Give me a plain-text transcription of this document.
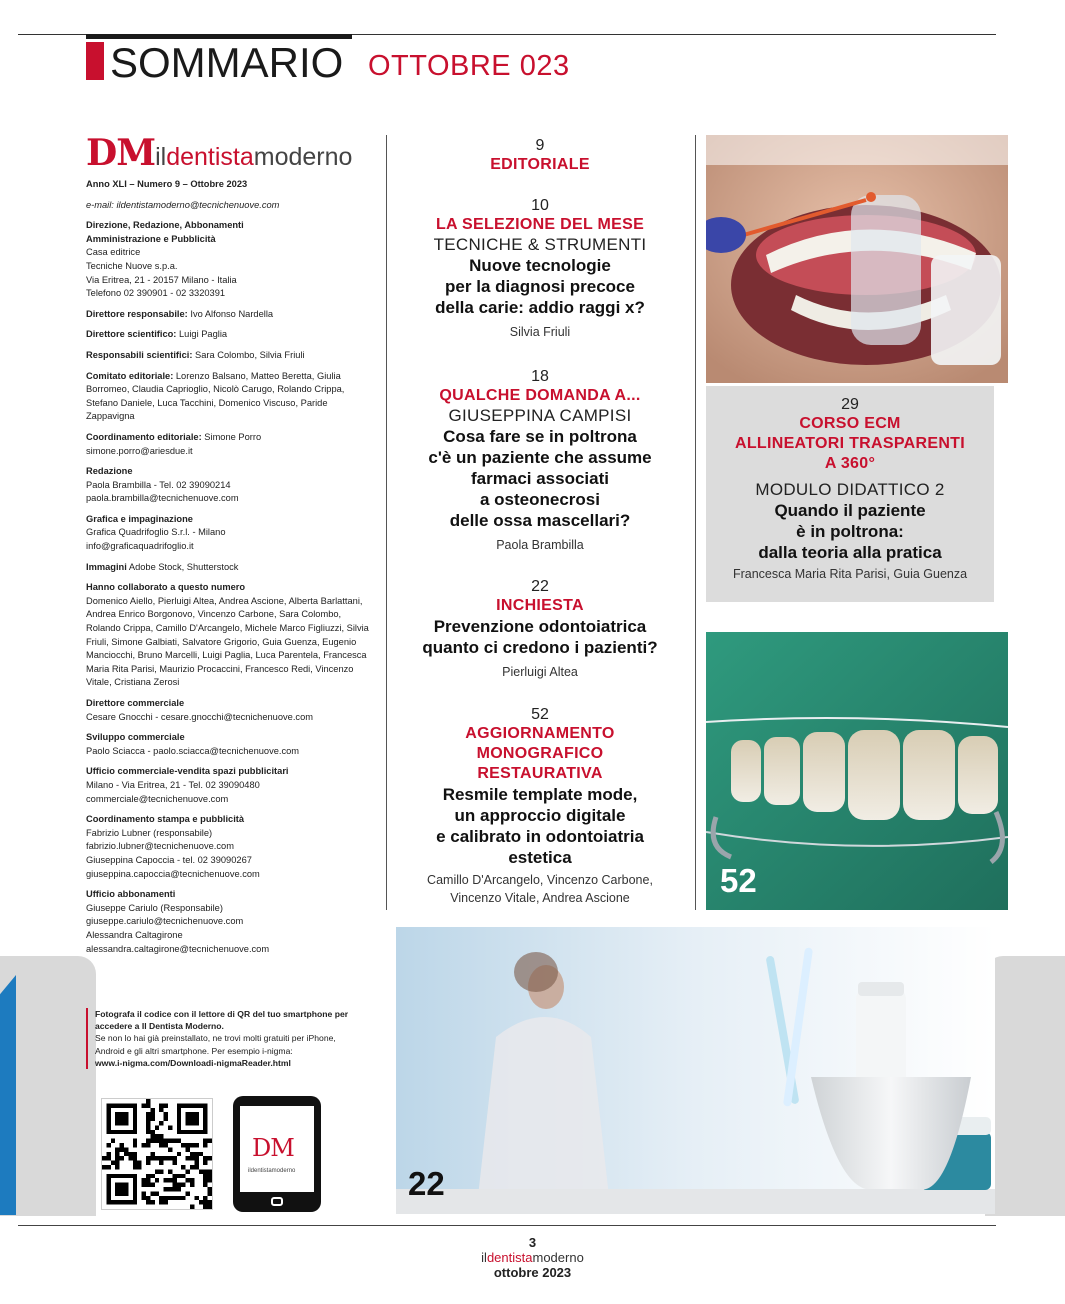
SOMMARIO OTTOBRE 023
DMildentistamoderno

Anno XLI – Numero 9 – Ottobre 2023

e-mail: ildentistamoderno@tecnichenuove.com

Direzione, Redazione, Abbonamenti
Amministrazione e Pubblicità
Casa editrice
Tecniche Nuove s.p.a.
Via Eritrea, 21 - 20157 Milano - Italia
Telefono 02 390901 - 02 3320391

Direttore responsabile: Ivo Alfonso Nardella

Direttore scientifico: Luigi Paglia

Responsabili scientifici: Sara Colombo, Silvia Friuli

Comitato editoriale: Lorenzo Balsano, Matteo Beretta, Giulia Borromeo, Claudia Caprioglio, Nicolò Carugo, Rolando Crippa, Stefano Daniele, Luca Tacchini, Domenico Viscuso, Paride Zappavigna

Coordinamento editoriale: Simone Porro
simone.porro@ariesdue.it

Redazione
Paola Brambilla - Tel. 02 39090214
paola.brambilla@tecnichenuove.com

Grafica e impaginazione
Grafica Quadrifoglio S.r.l. - Milano
info@graficaquadrifoglio.it

Immagini Adobe Stock, Shutterstock

Hanno collaborato a questo numero
Domenico Aiello, Pierluigi Altea, Andrea Ascione, Alberta Barlattani, Andrea Enrico Borgonovo, Vincenzo Carbone, Sara Colombo, Rolando Crippa, Camillo D'Arcangelo, Michele Marco Figliuzzi, Silvia Friuli, Simone Galbiati, Salvatore Grigorio, Guia Guenza, Eugenio Manciocchi, Bruno Marcelli, Luigi Paglia, Luca Parentela, Francesca Maria Rita Parisi, Maurizio Procaccini, Francesco Redi, Vincenzo Vitale, Cristiana Zerosi

Direttore commerciale
Cesare Gnocchi - cesare.gnocchi@tecnichenuove.com

Sviluppo commerciale
Paolo Sciacca - paolo.sciacca@tecnichenuove.com

Ufficio commerciale-vendita spazi pubblicitari
Milano - Via Eritrea, 21 - Tel. 02 39090480
commerciale@tecnichenuove.com

Coordinamento stampa e pubblicità
Fabrizio Lubner (responsabile)
fabrizio.lubner@tecnichenuove.com
Giuseppina Capoccia - tel. 02 39090267
giuseppina.capoccia@tecnichenuove.com

Ufficio abbonamenti
Giuseppe Cariulo (Responsabile)
giuseppe.cariulo@tecnichenuove.com
Alessandra Caltagirone
alessandra.caltagirone@tecnichenuove.com

Fotografa il codice con il lettore di QR del tuo smartphone per accedere a Il Dentista Moderno.
Se non lo hai già preinstallato, ne trovi molti gratuiti per iPhone, Android e gli altri smartphone. Per esempio i-nigma:
www.i-nigma.com/Downloadi-nigmaReader.html
DM
ildentistamoderno
9
EDITORIALE
10
LA SELEZIONE DEL MESE
TECNICHE & STRUMENTI
Nuove tecnologie
per la diagnosi precoce
della carie: addio raggi x?
Silvia Friuli
18
QUALCHE DOMANDA A...
GIUSEPPINA CAMPISI
Cosa fare se in poltrona
c'è un paziente che assume
farmaci associati
a osteonecrosi
delle ossa mascellari?
Paola Brambilla
22
INCHIESTA
Prevenzione odontoiatrica
quanto ci credono i pazienti?
Pierluigi Altea
52
AGGIORNAMENTO
MONOGRAFICO
RESTAURATIVA
Resmile template mode,
un approccio digitale
e calibrato in odontoiatria
estetica
Camillo D'Arcangelo, Vincenzo Carbone,
Vincenzo Vitale, Andrea Ascione
29
CORSO ECM
ALLINEATORI TRASPARENTI
A 360°
MODULO DIDATTICO 2
Quando il paziente
è in poltrona:
dalla teoria alla pratica
Francesca Maria Rita Parisi, Guia Guenza
52
22
3
ildentistamoderno
ottobre 2023
